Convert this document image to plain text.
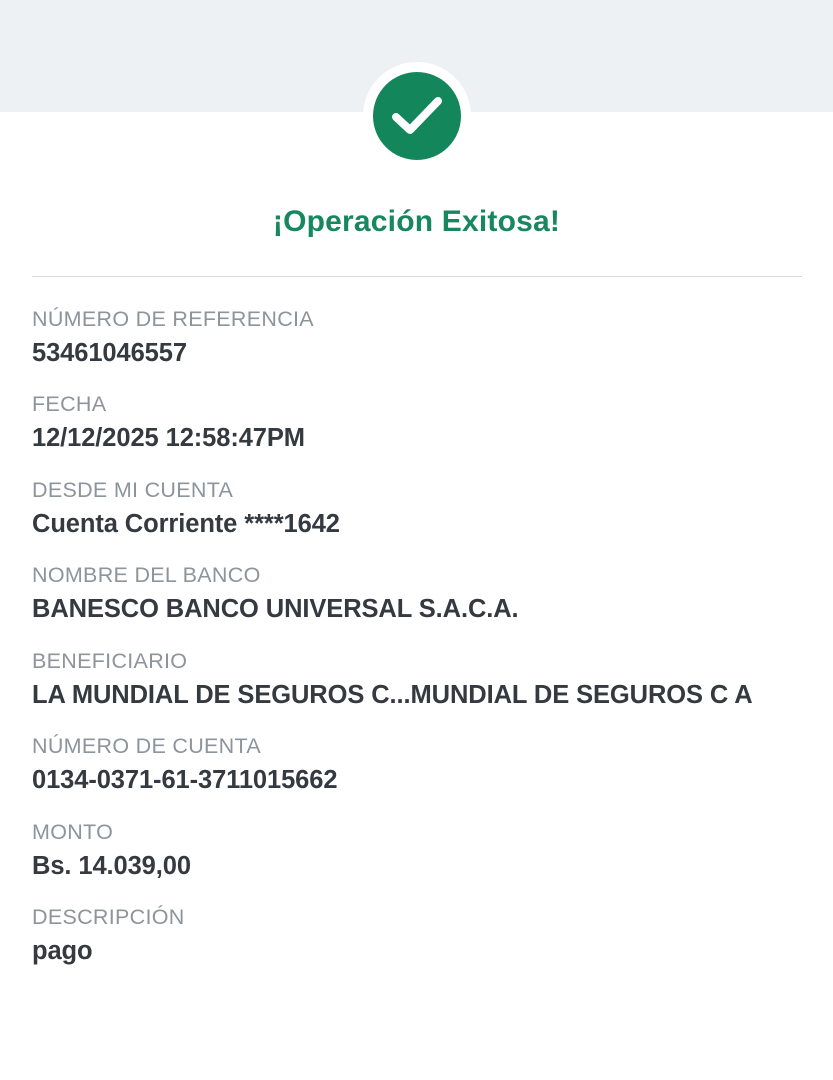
¡Operación Exitosa!
NÚMERO DE REFERENCIA
53461046557
FECHA
12/12/2025 12:58:47PM
DESDE MI CUENTA
Cuenta Corriente ****1642
NOMBRE DEL BANCO
BANESCO BANCO UNIVERSAL S.A.C.A.
BENEFICIARIO
LA MUNDIAL DE SEGUROS C...MUNDIAL DE SEGUROS C A
NÚMERO DE CUENTA
0134-0371-61-3711015662
MONTO
Bs. 14.039,00
DESCRIPCIÓN
pago
